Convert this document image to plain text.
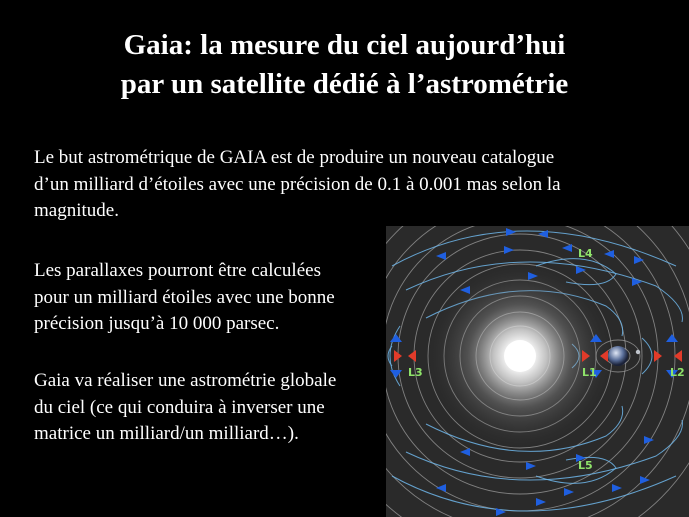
Gaia: la mesure du ciel aujourd’hui
par un satellite dédié à l’astrométrie
Le but astrométrique de GAIA est de produire un nouveau catalogue
d’un milliard d’étoiles avec une précision de 0.1 à 0.001 mas selon la
magnitude.
Les parallaxes pourront être calculées
pour un milliard étoiles avec une bonne
précision jusqu’à 10 000 parsec.
Gaia va réaliser une astrométrie globale
du ciel (ce qui conduira à inverser une
matrice un milliard/un milliard…).
L4
L3	L1	L2
L5
